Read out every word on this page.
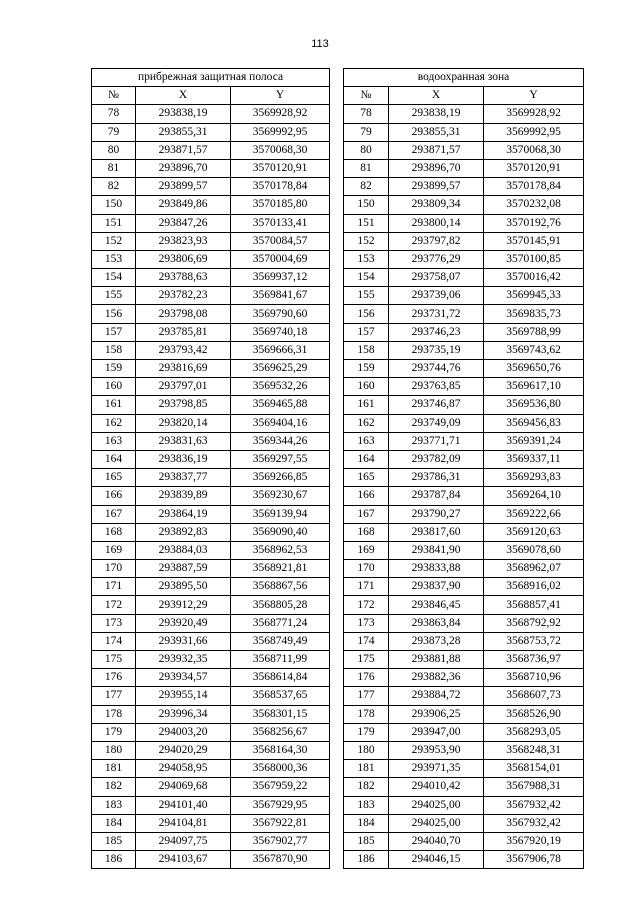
113
прибрежная защитная полоса		
№	X	Y
78	293838,19	3569928,92
79	293855,31	3569992,95
80	293871,57	3570068,30
81	293896,70	3570120,91
82	293899,57	3570178,84
150	293849,86	3570185,80
151	293847,26	3570133,41
152	293823,93	3570084,57
153	293806,69	3570004,69
154	293788,63	3569937,12
155	293782,23	3569841,67
156	293798,08	3569790,60
157	293785,81	3569740,18
158	293793,42	3569666,31
159	293816,69	3569625,29
160	293797,01	3569532,26
161	293798,85	3569465,88
162	293820,14	3569404,16
163	293831,63	3569344,26
164	293836,19	3569297,55
165	293837,77	3569266,85
166	293839,89	3569230,67
167	293864,19	3569139,94
168	293892,83	3569090,40
169	293884,03	3568962,53
170	293887,59	3568921,81
171	293895,50	3568867,56
172	293912,29	3568805,28
173	293920,49	3568771,24
174	293931,66	3568749,49
175	293932,35	3568711,99
176	293934,57	3568614,84
177	293955,14	3568537,65
178	293996,34	3568301,15
179	294003,20	3568256,67
180	294020,29	3568164,30
181	294058,95	3568000,36
182	294069,68	3567959,22
183	294101,40	3567929,95
184	294104,81	3567922,81
185	294097,75	3567902,77
186	294103,67	3567870,90
водоохранная зона		
№	X	Y
78	293838,19	3569928,92
79	293855,31	3569992,95
80	293871,57	3570068,30
81	293896,70	3570120,91
82	293899,57	3570178,84
150	293809,34	3570232,08
151	293800,14	3570192,76
152	293797,82	3570145,91
153	293776,29	3570100,85
154	293758,07	3570016,42
155	293739,06	3569945,33
156	293731,72	3569835,73
157	293746,23	3569788,99
158	293735,19	3569743,62
159	293744,76	3569650,76
160	293763,85	3569617,10
161	293746,87	3569536,80
162	293749,09	3569456,83
163	293771,71	3569391,24
164	293782,09	3569337,11
165	293786,31	3569293,83
166	293787,84	3569264,10
167	293790,27	3569222,66
168	293817,60	3569120,63
169	293841,90	3569078,60
170	293833,88	3568962,07
171	293837,90	3568916,02
172	293846,45	3568857,41
173	293863,84	3568792,92
174	293873,28	3568753,72
175	293881,88	3568736,97
176	293882,36	3568710,96
177	293884,72	3568607,73
178	293906,25	3568526,90
179	293947,00	3568293,05
180	293953,90	3568248,31
181	293971,35	3568154,01
182	294010,42	3567988,31
183	294025,00	3567932,42
184	294025,00	3567932,42
185	294040,70	3567920,19
186	294046,15	3567906,78
